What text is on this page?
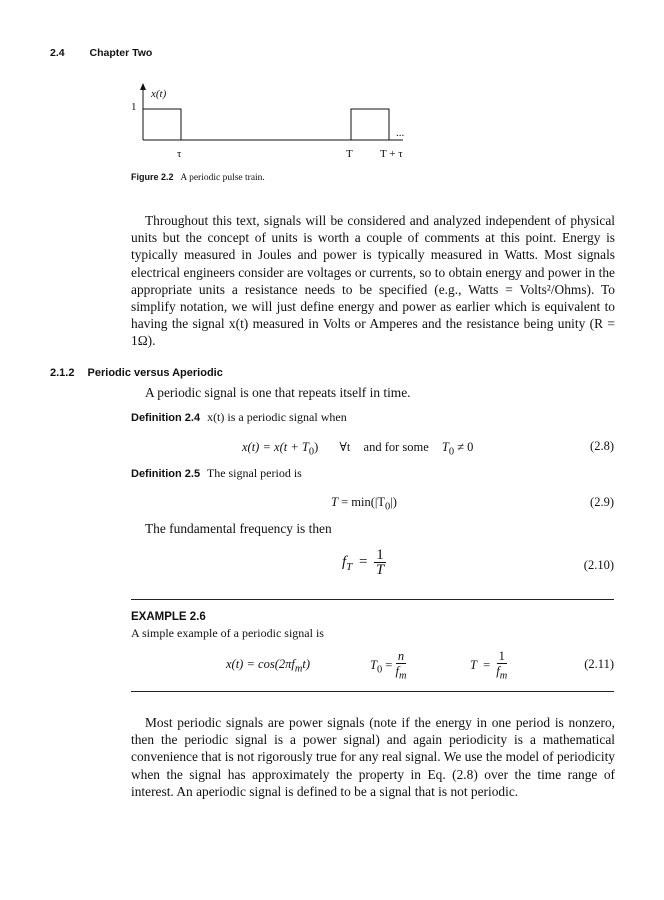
2.4 Chapter Two
x(t)
1
τ	T T + τ
...
Figure 2.2 A periodic pulse train.

Throughout this text, signals will be considered and analyzed independent of physical units but the concept of units is worth a couple of comments at this point. Energy is typically measured in Joules and power is typically measured in Watts. Most signals electrical engineers consider are voltages or currents, so to obtain energy and power in the appropriate units a resistance needs to be specified (e.g., Watts = Volts²/Ohms). To simplify notation, we will just define energy and power as earlier which is equivalent to having the signal x(t) measured in Volts or Amperes and the resistance being unity (R = 1Ω).

2.1.2 Periodic versus Aperiodic
A periodic signal is one that repeats itself in time.
Definition 2.4 x(t) is a periodic signal when
$x(t) = x(t + T_0)$ ∀t and for some $T_0 \ne 0$	(2.8)
Definition 2.5 The signal period is
$T = \min(|T_0|)$	(2.9)
The fundamental frequency is then
$f_T = \frac{1}{T}$	(2.10)
EXAMPLE 2.6
A simple example of a periodic signal is
$x(t) = \cos(2\pi f_mt)$	$T_0 = \frac{n}{f_m}$	$T = \frac{1}{f_m}$	(2.11)

Most periodic signals are power signals (note if the energy in one period is nonzero, then the periodic signal is a power signal) and again periodicity is a mathematical convenience that is not rigorously true for any real signal. We use the model of periodicity when the signal has approximately the property in Eq. (2.8) over the time range of interest. An aperiodic signal is defined to be a signal that is not periodic.
